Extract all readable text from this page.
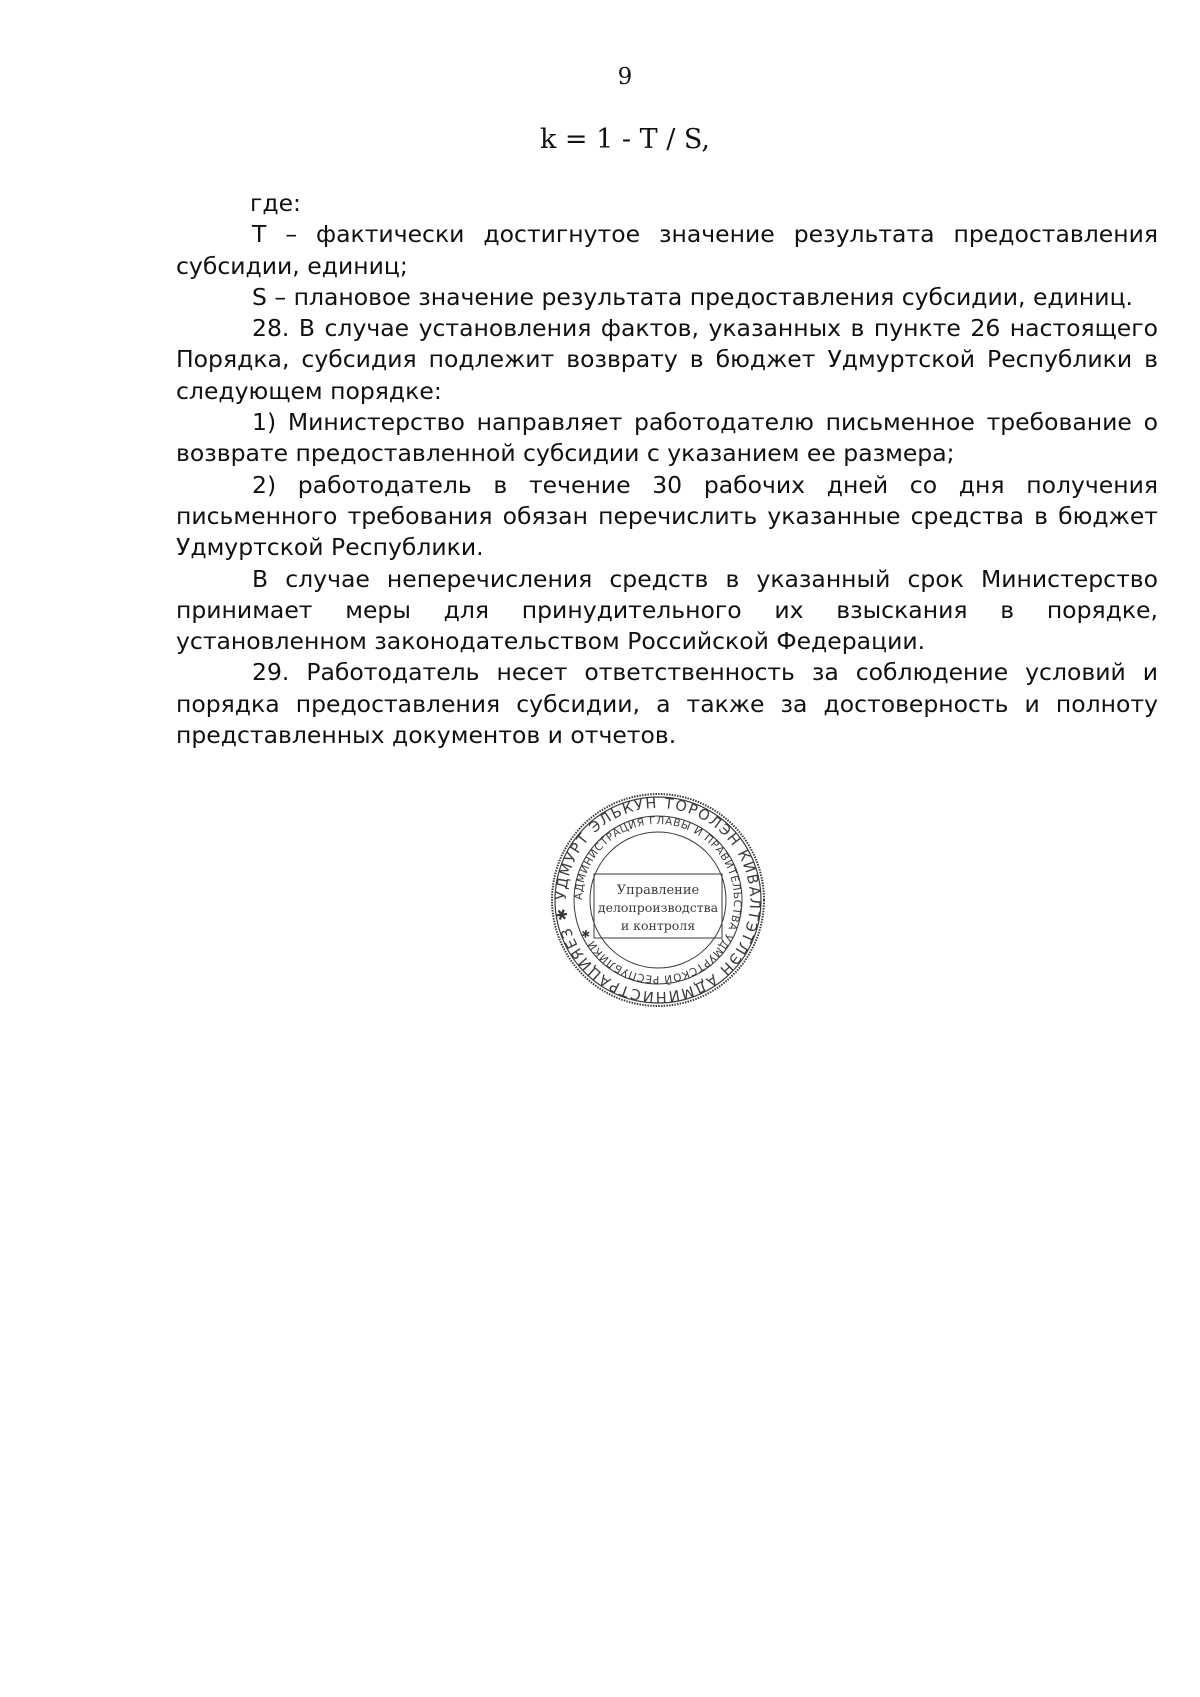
9
k = 1 - T / S,

где:

T – фактически достигнутое значение результата предоставления субсидии, единиц;

S – плановое значение результата предоставления субсидии, единиц.

28. В случае установления фактов, указанных в пункте 26 настоящего Порядка, субсидия подлежит возврату в бюджет Удмуртской Республики в следующем порядке:

1) Министерство направляет работодателю письменное требование о возврате предоставленной субсидии с указанием ее размера;

2) работодатель в течение 30 рабочих дней со дня получения письменного требования обязан перечислить указанные средства в бюджет Удмуртской Республики.

В случае неперечисления средств в указанный срок Министерство принимает меры для принудительного их взыскания в порядке, установленном законодательством Российской Федерации.

29. Работодатель несет ответственность за соблюдение условий и порядка предоставления субсидии, а также за достоверность и полноту представленных документов и отчетов.

УДМУРТ ЭЛЬКУН ТОРОЛЭН КИВАЛТЭТЛЭН АДМИНИСТРАЦИЯЕЗ ✱
АДМИНИСТРАЦИЯ ГЛАВЫ И ПРАВИТЕЛЬСТВА УДМУРТСКОЙ РЕСПУБЛИКИ ✱
Управление
делопроизводства
и контроля
